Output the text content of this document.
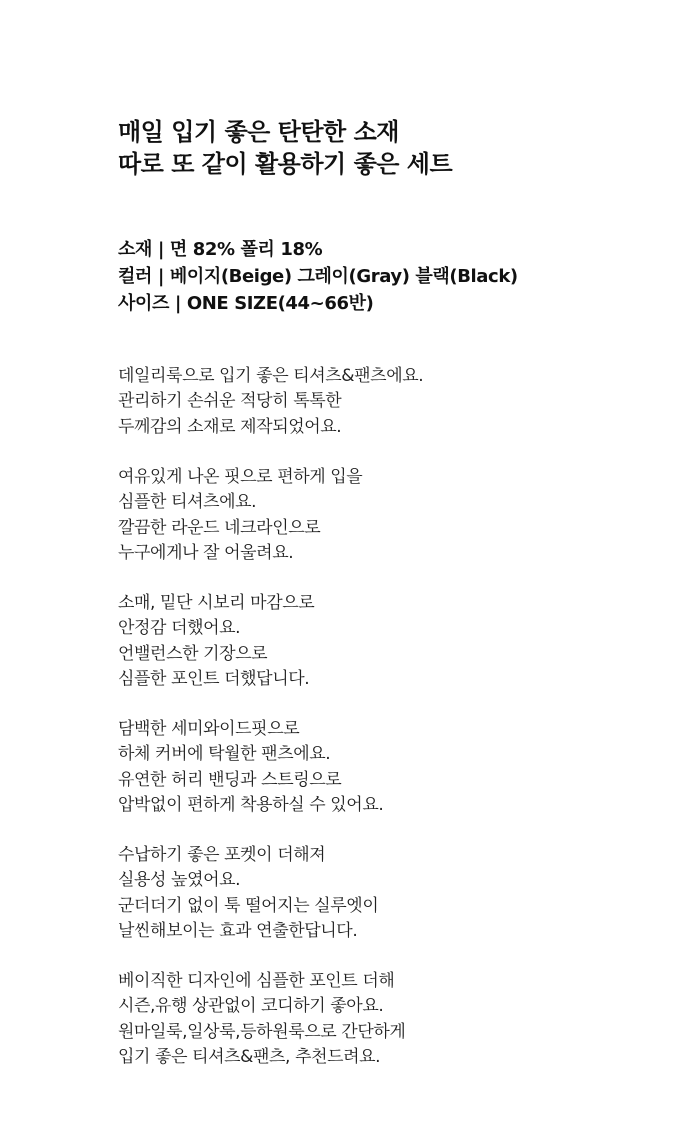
매일 입기 좋은 탄탄한 소재
따로 또 같이 활용하기 좋은 세트
소재 | 면 82% 폴리 18%
컬러 | 베이지(Beige) 그레이(Gray) 블랙(Black)
사이즈 | ONE SIZE(44~66반)
데일리룩으로 입기 좋은 티셔츠&팬츠에요.
관리하기 손쉬운 적당히 톡톡한
두께감의 소재로 제작되었어요.
여유있게 나온 핏으로 편하게 입을
심플한 티셔츠에요.
깔끔한 라운드 네크라인으로
누구에게나 잘 어울려요.
소매, 밑단 시보리 마감으로
안정감 더했어요.
언밸런스한 기장으로
심플한 포인트 더했답니다.
담백한 세미와이드핏으로
하체 커버에 탁월한 팬츠에요.
유연한 허리 밴딩과 스트링으로
압박없이 편하게 착용하실 수 있어요.
수납하기 좋은 포켓이 더해져
실용성 높였어요.
군더더기 없이 툭 떨어지는 실루엣이
날씬해보이는 효과 연출한답니다.
베이직한 디자인에 심플한 포인트 더해
시즌,유행 상관없이 코디하기 좋아요.
원마일룩,일상룩,등하원룩으로 간단하게
입기 좋은 티셔츠&팬츠, 추천드려요.
